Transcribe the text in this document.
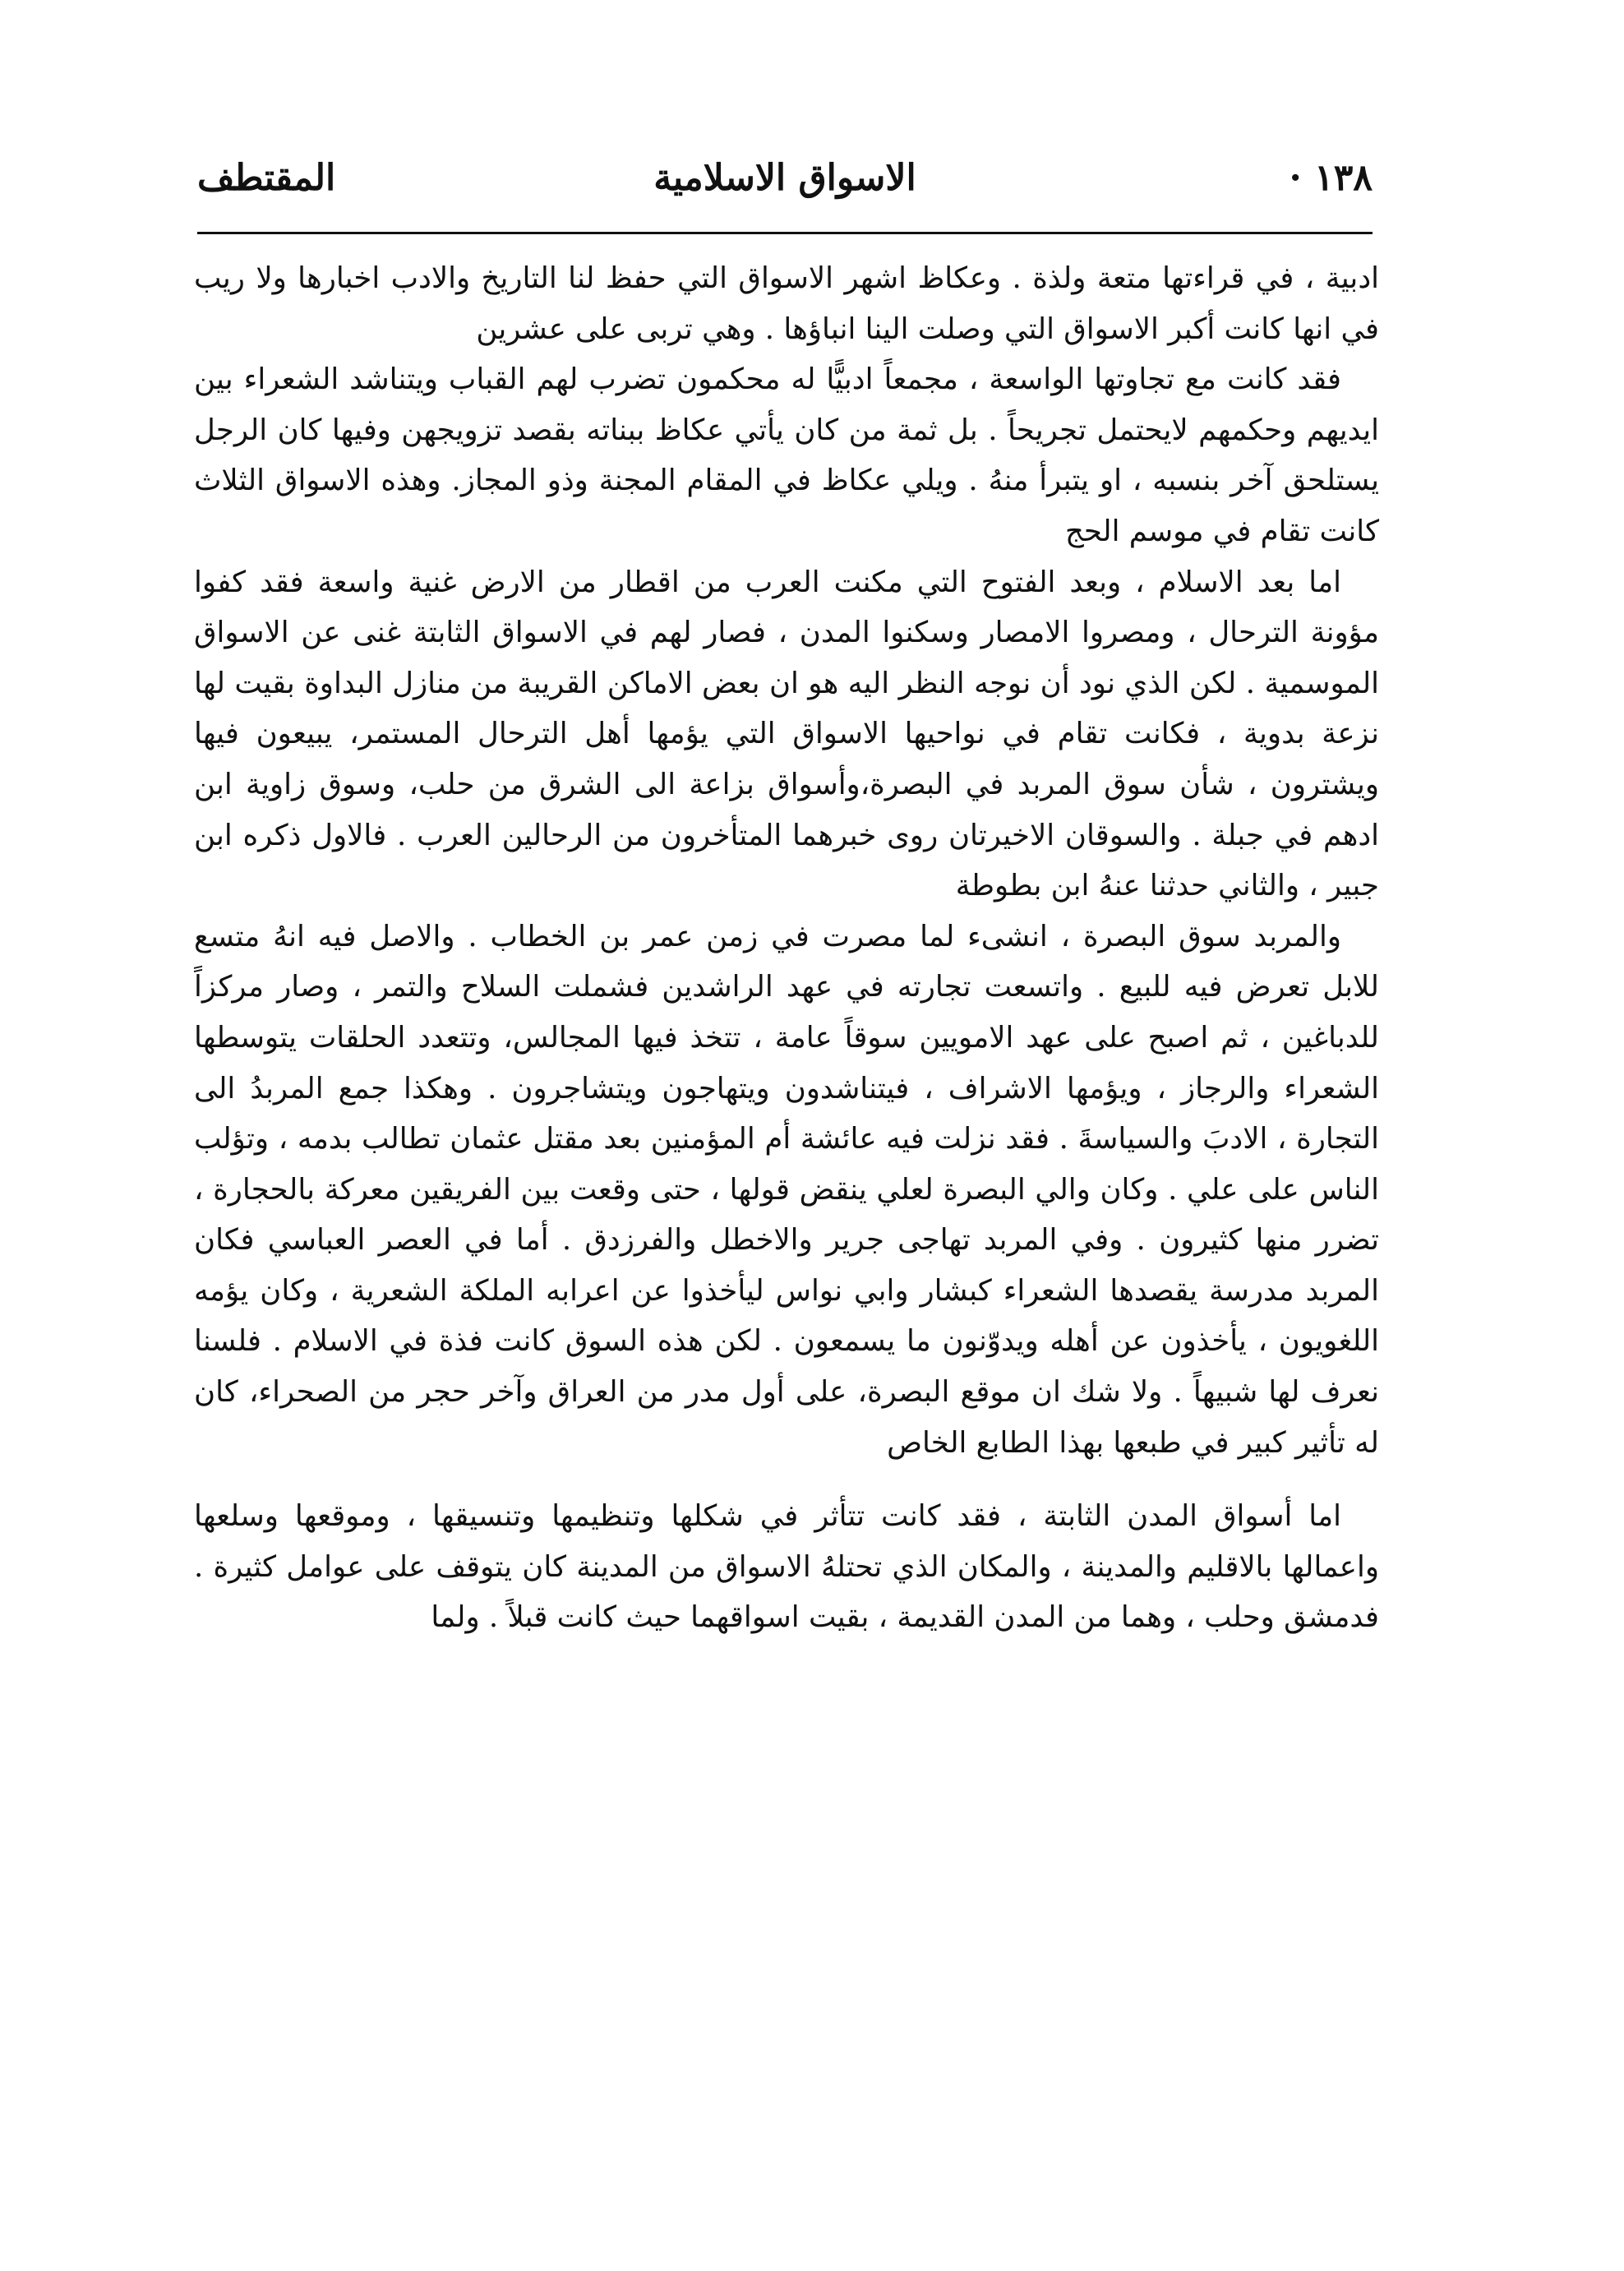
١٣٨ ·
الاسواق الاسلامية
المقتطف

ادبية ، في قراءتها متعة ولذة . وعكاظ اشهر الاسواق التي حفظ لنا التاريخ والادب اخبارها ولا ريب في انها كانت أكبر الاسواق التي وصلت الينا انباؤها . وهي تربى على عشرين

فقد كانت مع تجاوتها الواسعة ، مجمعاً ادبيًّا له محكمون تضرب لهم القباب ويتناشد الشعراء بين ايديهم وحكمهم لايحتمل تجريحاً . بل ثمة من كان يأتي عكاظ ببناته بقصد تزويجهن وفيها كان الرجل يستلحق آخر بنسبه ، او يتبرأ منهُ . ويلي عكاظ في المقام المجنة وذو المجاز. وهذه الاسواق الثلاث كانت تقام في موسم الحج

اما بعد الاسلام ، وبعد الفتوح التي مكنت العرب من اقطار من الارض غنية واسعة فقد كفوا مؤونة الترحال ، ومصروا الامصار وسكنوا المدن ، فصار لهم في الاسواق الثابتة غنى عن الاسواق الموسمية . لكن الذي نود أن نوجه النظر اليه هو ان بعض الاماكن القريبة من منازل البداوة بقيت لها نزعة بدوية ، فكانت تقام في نواحيها الاسواق التي يؤمها أهل الترحال المستمر، يبيعون فيها ويشترون ، شأن سوق المربد في البصرة،وأسواق بزاعة الى الشرق من حلب، وسوق زاوية ابن ادهم في جبلة . والسوقان الاخيرتان روى خبرهما المتأخرون من الرحالين العرب . فالاول ذكره ابن جبير ، والثاني حدثنا عنهُ ابن بطوطة

والمربد سوق البصرة ، انشىء لما مصرت في زمن عمر بن الخطاب . والاصل فيه انهُ متسع للابل تعرض فيه للبيع . واتسعت تجارته في عهد الراشدين فشملت السلاح والتمر ، وصار مركزاً للدباغين ، ثم اصبح على عهد الامويين سوقاً عامة ، تتخذ فيها المجالس، وتتعدد الحلقات يتوسطها الشعراء والرجاز ، ويؤمها الاشراف ، فيتناشدون ويتهاجون ويتشاجرون . وهكذا جمع المربدُ الى التجارة ، الادبَ والسياسةَ . فقد نزلت فيه عائشة أم المؤمنين بعد مقتل عثمان تطالب بدمه ، وتؤلب الناس على علي . وكان والي البصرة لعلي ينقض قولها ، حتى وقعت بين الفريقين معركة بالحجارة ، تضرر منها كثيرون . وفي المربد تهاجى جرير والاخطل والفرزدق . أما في العصر العباسي فكان المربد مدرسة يقصدها الشعراء كبشار وابي نواس ليأخذوا عن اعرابه الملكة الشعرية ، وكان يؤمه اللغويون ، يأخذون عن أهله ويدوّنون ما يسمعون . لكن هذه السوق كانت فذة في الاسلام . فلسنا نعرف لها شبيهاً . ولا شك ان موقع البصرة، على أول مدر من العراق وآخر حجر من الصحراء، كان له تأثير كبير في طبعها بهذا الطابع الخاص

اما أسواق المدن الثابتة ، فقد كانت تتأثر في شكلها وتنظيمها وتنسيقها ، وموقعها وسلعها واعمالها بالاقليم والمدينة ، والمكان الذي تحتلهُ الاسواق من المدينة كان يتوقف على عوامل كثيرة . فدمشق وحلب ، وهما من المدن القديمة ، بقيت اسواقهما حيث كانت قبلاً . ولما
